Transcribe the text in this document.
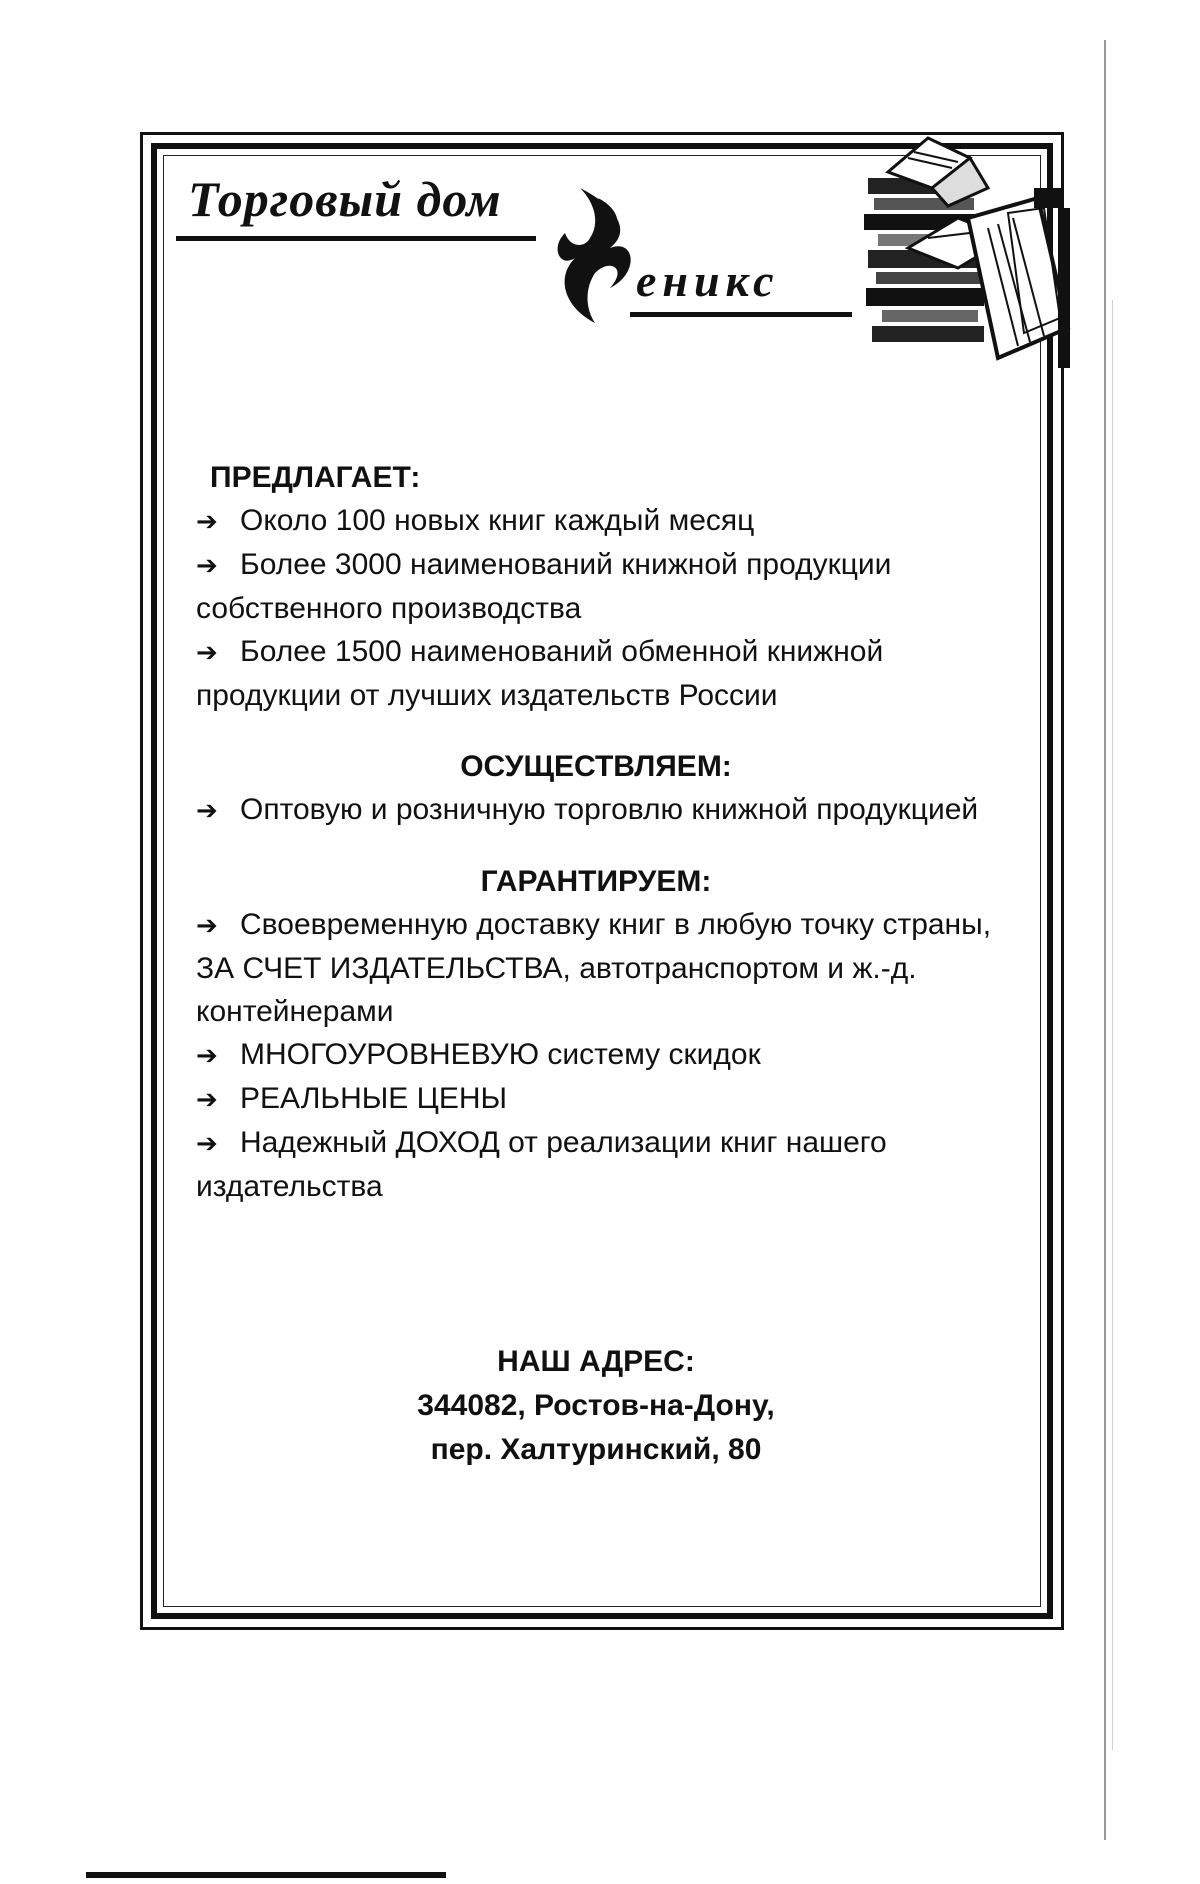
Торговый дом
еникс
ПРЕДЛАГАЕТ:
➔ Около 100 новых книг каждый месяц
➔ Более 3000 наименований книжной продукции собственного производства
➔ Более 1500 наименований обменной книжной продукции от лучших издательств России
ОСУЩЕСТВЛЯЕМ:
➔ Оптовую и розничную торговлю книжной продукцией
ГАРАНТИРУЕМ:
➔ Своевременную доставку книг в любую точку страны, ЗА СЧЕТ ИЗДАТЕЛЬСТВА, автотранспортом и ж.-д. контейнерами
➔ МНОГОУРОВНЕВУЮ систему скидок
➔ РЕАЛЬНЫЕ ЦЕНЫ
➔ Надежный ДОХОД от реализации книг нашего издательства
НАШ АДРЕС:
344082, Ростов-на-Дону,
пер. Халтуринский, 80
